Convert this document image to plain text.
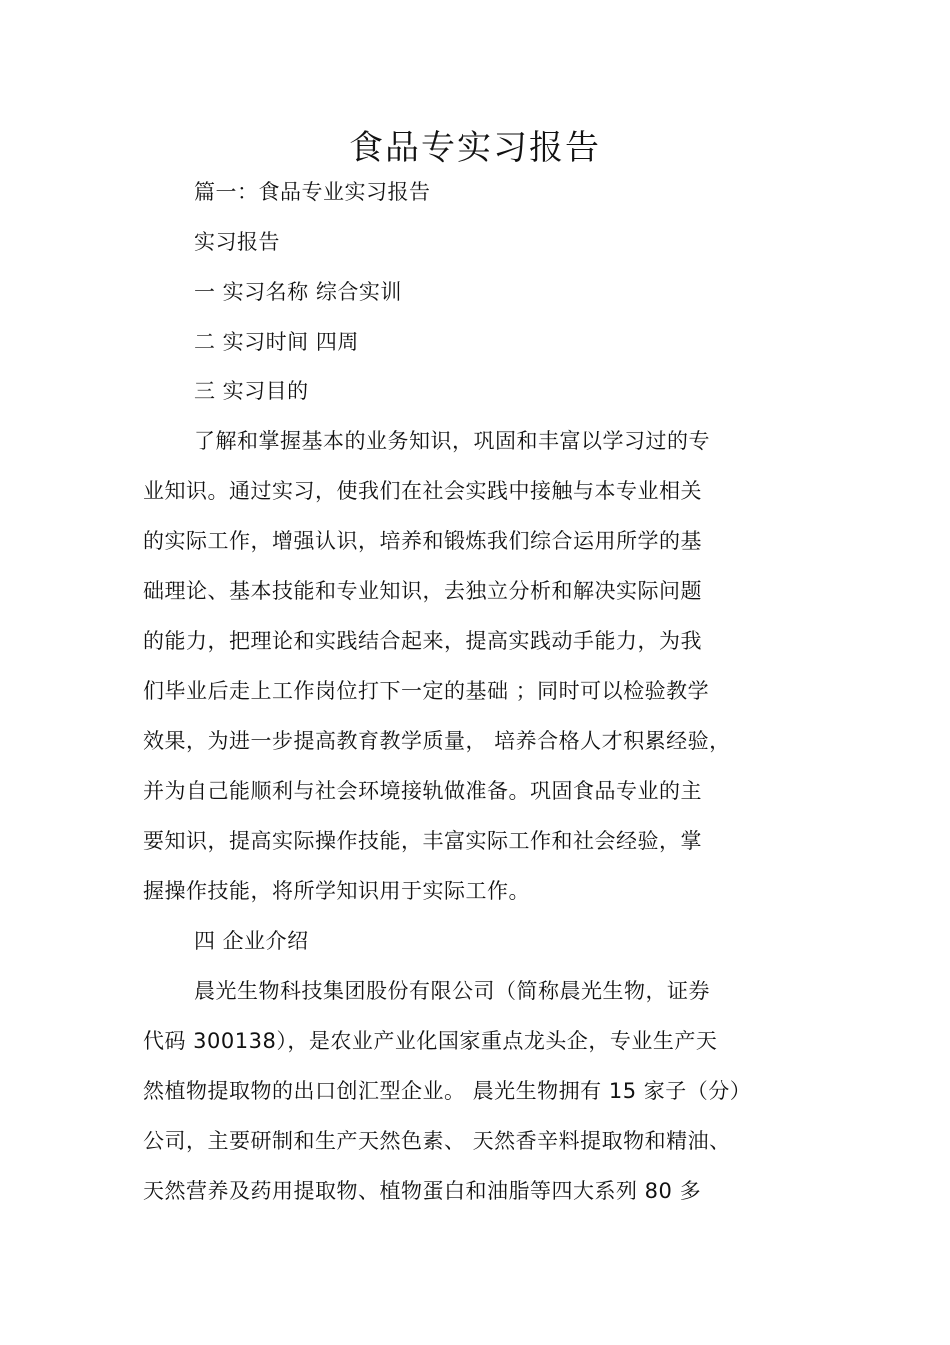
食品专实习报告
篇一：食品专业实习报告
实习报告
一 实习名称 综合实训
二 实习时间 四周
三 实习目的
了解和掌握基本的业务知识，巩固和丰富以学习过的专
业知识。通过实习，使我们在社会实践中接触与本专业相关
的实际工作，增强认识，培养和锻炼我们综合运用所学的基
础理论、基本技能和专业知识，去独立分析和解决实际问题
的能力，把理论和实践结合起来，提高实践动手能力，为我
们毕业后走上工作岗位打下一定的基础 ；同时可以检验教学
效果，为进一步提高教育教学质量， 培养合格人才积累经验，
并为自己能顺利与社会环境接轨做准备。巩固食品专业的主
要知识，提高实际操作技能，丰富实际工作和社会经验，掌
握操作技能，将所学知识用于实际工作。
四 企业介绍
晨光生物科技集团股份有限公司（简称晨光生物，证券
代码 300138），是农业产业化国家重点龙头企，专业生产天
然植物提取物的出口创汇型企业。 晨光生物拥有 15 家子（分）
公司，主要研制和生产天然色素、 天然香辛料提取物和精油、
天然营养及药用提取物、植物蛋白和油脂等四大系列 80 多
